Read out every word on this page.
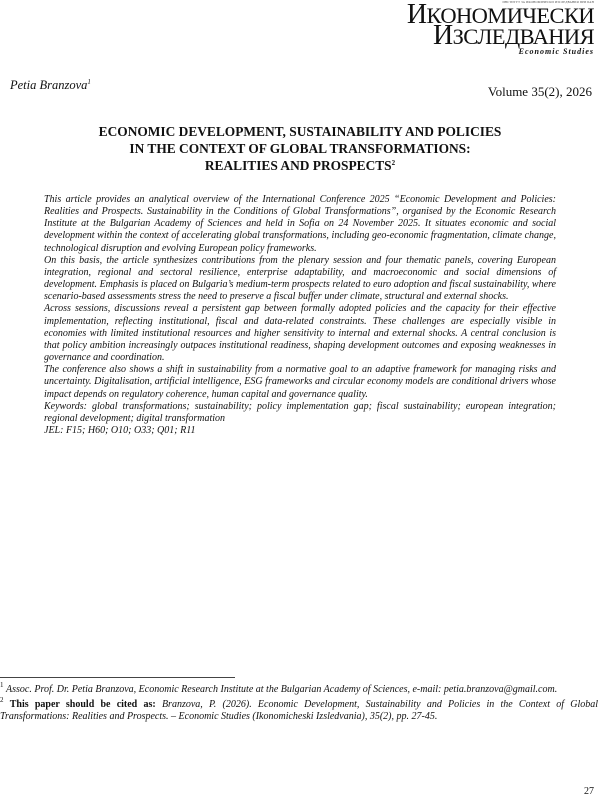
ИНСТИТУТ ЗА ИКОНОМИЧЕСКИ ИЗСЛЕДВАНИЯ ПРИ БАН
ИКОНОМИЧЕСКИ
ИЗСЛЕДВАНИЯ
Economic Studies
Petia Branzova$^1$
Volume 35(2), 2026
ECONOMIC DEVELOPMENT, SUSTAINABILITY AND POLICIES
IN THE CONTEXT OF GLOBAL TRANSFORMATIONS:
REALITIES AND PROSPECTS$^2$

This article provides an analytical overview of the International Conference 2025 “Economic Development and Policies: Realities and Prospects. Sustainability in the Conditions of Global Transformations”, organised by the Economic Research Institute at the Bulgarian Academy of Sciences and held in Sofia on 24 November 2025. It situates economic and social development within the context of accelerating global transformations, including geo-economic fragmentation, climate change, technological disruption and evolving European policy frameworks.

On this basis, the article synthesizes contributions from the plenary session and four thematic panels, covering European integration, regional and sectoral resilience, enterprise adaptability, and macroeconomic and social dimensions of development. Emphasis is placed on Bulgaria’s medium-term prospects related to euro adoption and fiscal sustainability, where scenario-based assessments stress the need to preserve a fiscal buffer under climate, structural and external shocks.

Across sessions, discussions reveal a persistent gap between formally adopted policies and the capacity for their effective implementation, reflecting institutional, fiscal and data-related constraints. These challenges are especially visible in economies with limited institutional resources and higher sensitivity to internal and external shocks. A central conclusion is that policy ambition increasingly outpaces institutional readiness, shaping development outcomes and exposing weaknesses in governance and coordination.

The conference also shows a shift in sustainability from a normative goal to an adaptive framework for managing risks and uncertainty. Digitalisation, artificial intelligence, ESG frameworks and circular economy models are conditional drivers whose impact depends on regulatory coherence, human capital and governance quality.

Keywords: global transformations; sustainability; policy implementation gap; fiscal sustainability; european integration; regional development; digital transformation

JEL: F15; H60; O10; O33; Q01; R11

$^1$ Assoc. Prof. Dr. Petia Branzova, Economic Research Institute at the Bulgarian Academy of Sciences, e-mail: petia.branzova@gmail.com.

$^2$ This paper should be cited as: Branzova, P. (2026). Economic Development, Sustainability and Policies in the Context of Global Transformations: Realities and Prospects. – Economic Studies (Ikonomicheski Izsledvania), 35(2), pp. 27-45.

27
